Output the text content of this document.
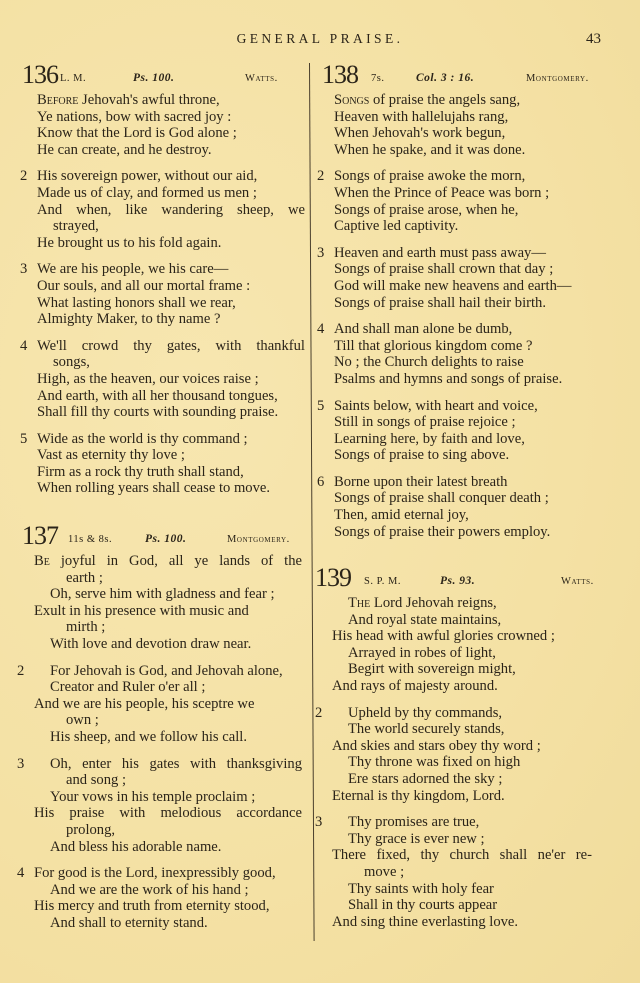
GENERAL PRAISE.	43
136 L. M.	Ps. 100.	Watts.
Before Jehovah's awful throne,
Ye nations, bow with sacred joy :
Know that the Lord is God alone ;
He can create, and he destroy.
2 His sovereign power, without our aid,
Made us of clay, and formed us men ;
And when, like wandering sheep, we
strayed,
He brought us to his fold again.
3 We are his people, we his care—
Our souls, and all our mortal frame :
What lasting honors shall we rear,
Almighty Maker, to thy name ?
4 We'll crowd thy gates, with thankful
songs,
High, as the heaven, our voices raise ;
And earth, with all her thousand tongues,
Shall fill thy courts with sounding praise.
5 Wide as the world is thy command ;
Vast as eternity thy love ;
Firm as a rock thy truth shall stand,
When rolling years shall cease to move.
137 11s & 8s.	Ps. 100.	Montgomery.
Be joyful in God, all ye lands of the
earth ;
Oh, serve him with gladness and fear ;
Exult in his presence with music and
mirth ;
With love and devotion draw near.
2 For Jehovah is God, and Jehovah alone,
Creator and Ruler o'er all ;
And we are his people, his sceptre we
own ;
His sheep, and we follow his call.
3 Oh, enter his gates with thanksgiving
and song ;
Your vows in his temple proclaim ;
His praise with melodious accordance
prolong,
And bless his adorable name.
4 For good is the Lord, inexpressibly good,
And we are the work of his hand ;
His mercy and truth from eternity stood,
And shall to eternity stand.
138 7s.	Col. 3 : 16.	Montgomery.
Songs of praise the angels sang,
Heaven with hallelujahs rang,
When Jehovah's work begun,
When he spake, and it was done.
2 Songs of praise awoke the morn,
When the Prince of Peace was born ;
Songs of praise arose, when he,
Captive led captivity.
3 Heaven and earth must pass away—
Songs of praise shall crown that day ;
God will make new heavens and earth—
Songs of praise shall hail their birth.
4 And shall man alone be dumb,
Till that glorious kingdom come ?
No ; the Church delights to raise
Psalms and hymns and songs of praise.
5 Saints below, with heart and voice,
Still in songs of praise rejoice ;
Learning here, by faith and love,
Songs of praise to sing above.
6 Borne upon their latest breath
Songs of praise shall conquer death ;
Then, amid eternal joy,
Songs of praise their powers employ.
139 S. P. M.	Ps. 93.	Watts.
The Lord Jehovah reigns,
And royal state maintains,
His head with awful glories crowned ;
Arrayed in robes of light,
Begirt with sovereign might,
And rays of majesty around.
2 Upheld by thy commands,
The world securely stands,
And skies and stars obey thy word ;
Thy throne was fixed on high
Ere stars adorned the sky ;
Eternal is thy kingdom, Lord.
3 Thy promises are true,
Thy grace is ever new ;
There fixed, thy church shall ne'er re-
move ;
Thy saints with holy fear
Shall in thy courts appear
And sing thine everlasting love.
